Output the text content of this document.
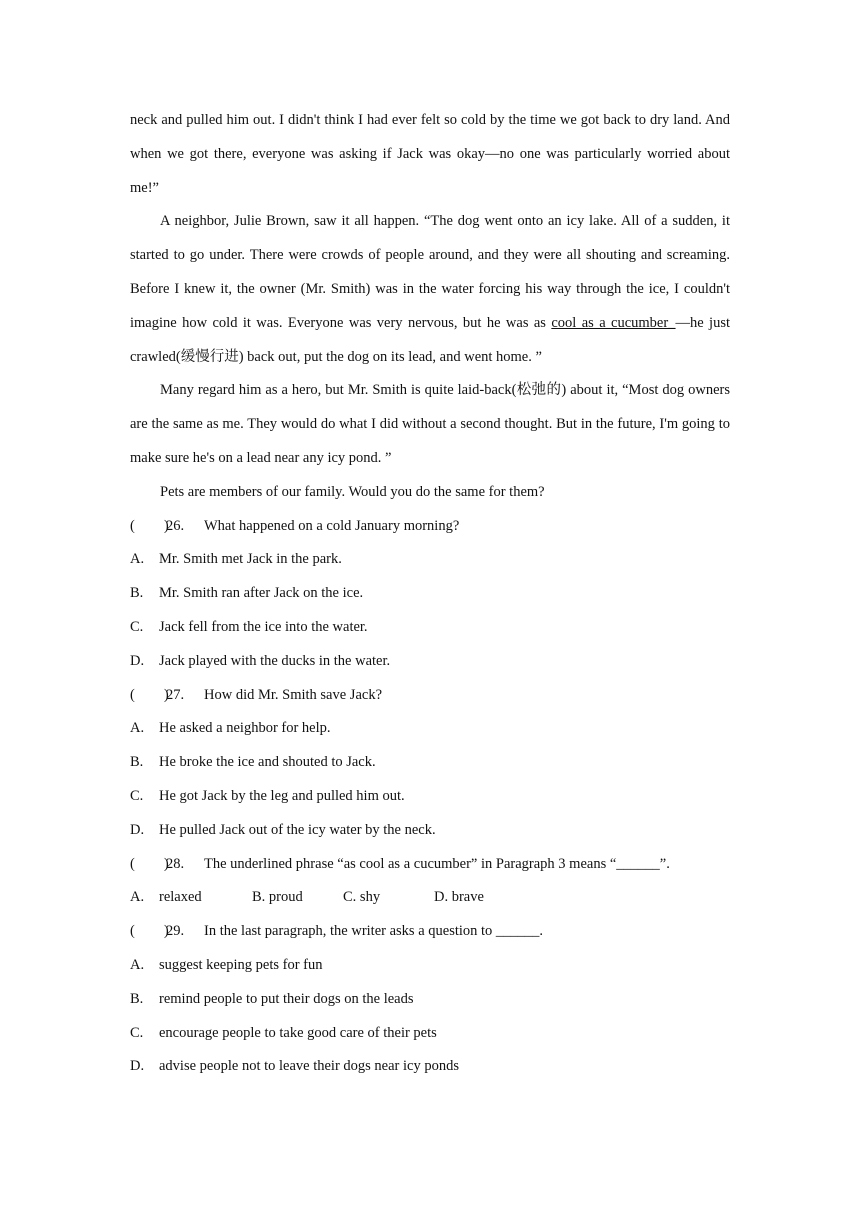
neck and pulled him out. I didn't think I had ever felt so cold by the time we got back to dry land. And when we got there, everyone was asking if Jack was okay—no one was particularly worried about me!”

A neighbor, Julie Brown, saw it all happen. “The dog went onto an icy lake. All of a sudden, it started to go under. There were crowds of people around, and they were all shouting and screaming. Before I knew it, the owner (Mr. Smith) was in the water forcing his way through the ice, I couldn't imagine how cold it was. Everyone was very nervous, but he was as cool as a cucumber_—he just crawled(缓慢行进) back out, put the dog on its lead, and went home. ”

Many regard him as a hero, but Mr. Smith is quite laid-back(松弛的) about it, “Most dog owners are the same as me. They would do what I did without a second thought. But in the future, I'm going to make sure he's on a lead near any icy pond. ”

Pets are members of our family. Would you do the same for them?

(        )26. What happened on a cold January morning?

A. Mr. Smith met Jack in the park.

B. Mr. Smith ran after Jack on the ice.

C. Jack fell from the ice into the water.

D. Jack played with the ducks in the water.

(        )27. How did Mr. Smith save Jack?

A. He asked a neighbor for help.

B. He broke the ice and shouted to Jack.

C. He got Jack by the leg and pulled him out.

D. He pulled Jack out of the icy water by the neck.

(        )28. The underlined phrase “as cool as a cucumber” in Paragraph 3 means “______”.

A. relaxed	B. proud	C. shy	D. brave

(        )29. In the last paragraph, the writer asks a question to ______.

A. suggest keeping pets for fun

B. remind people to put their dogs on the leads

C. encourage people to take good care of their pets

D. advise people not to leave their dogs near icy ponds
